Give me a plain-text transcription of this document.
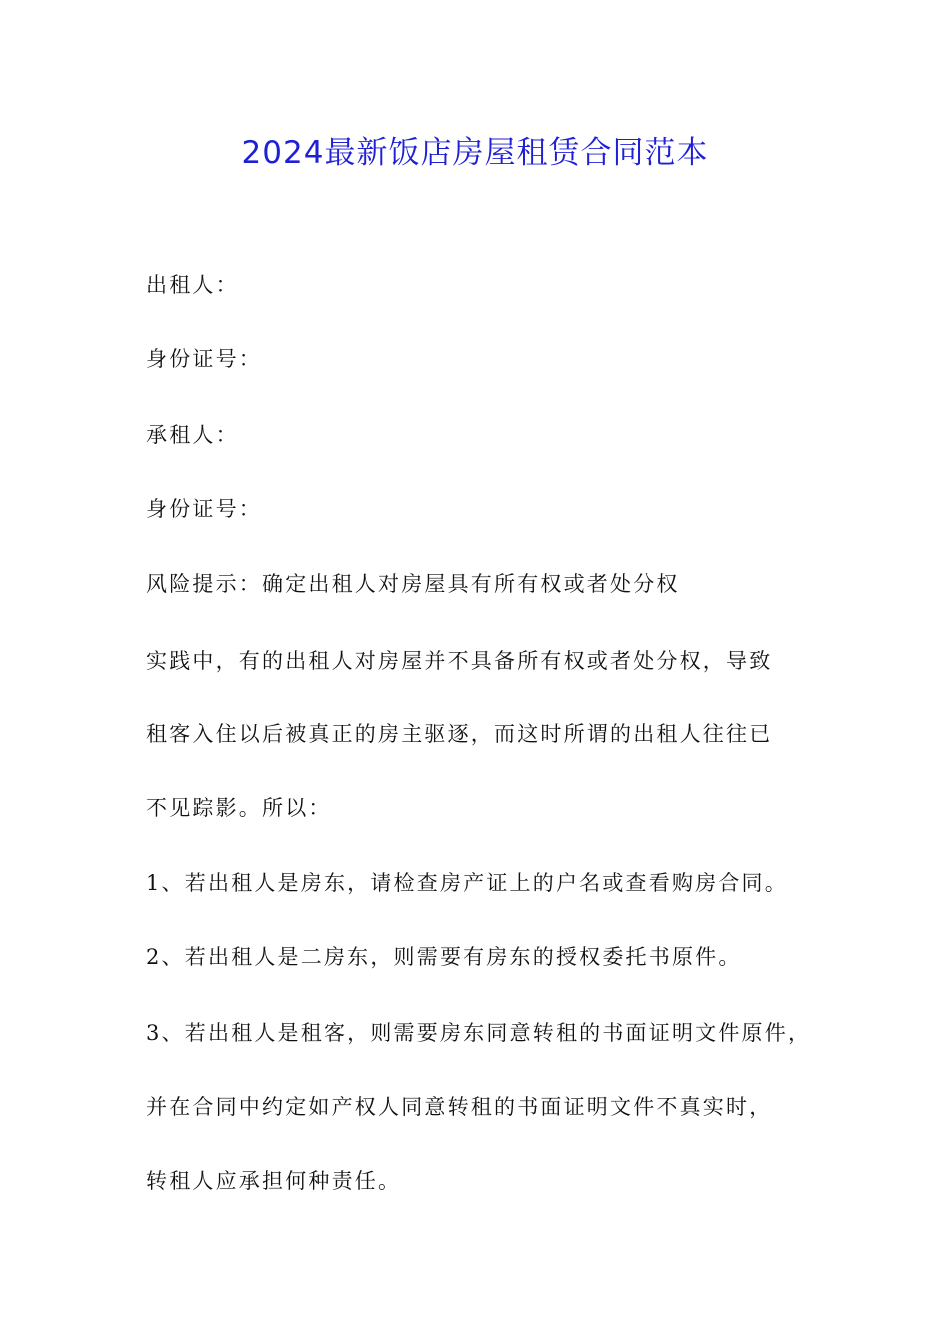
2024最新饭店房屋租赁合同范本
出租人：
身份证号：
承租人：
身份证号：
风险提示：确定出租人对房屋具有所有权或者处分权
实践中，有的出租人对房屋并不具备所有权或者处分权，导致
租客入住以后被真正的房主驱逐，而这时所谓的出租人往往已
不见踪影。所以：
1、若出租人是房东，请检查房产证上的户名或查看购房合同。
2、若出租人是二房东，则需要有房东的授权委托书原件。
3、若出租人是租客，则需要房东同意转租的书面证明文件原件，
并在合同中约定如产权人同意转租的书面证明文件不真实时，
转租人应承担何种责任。
